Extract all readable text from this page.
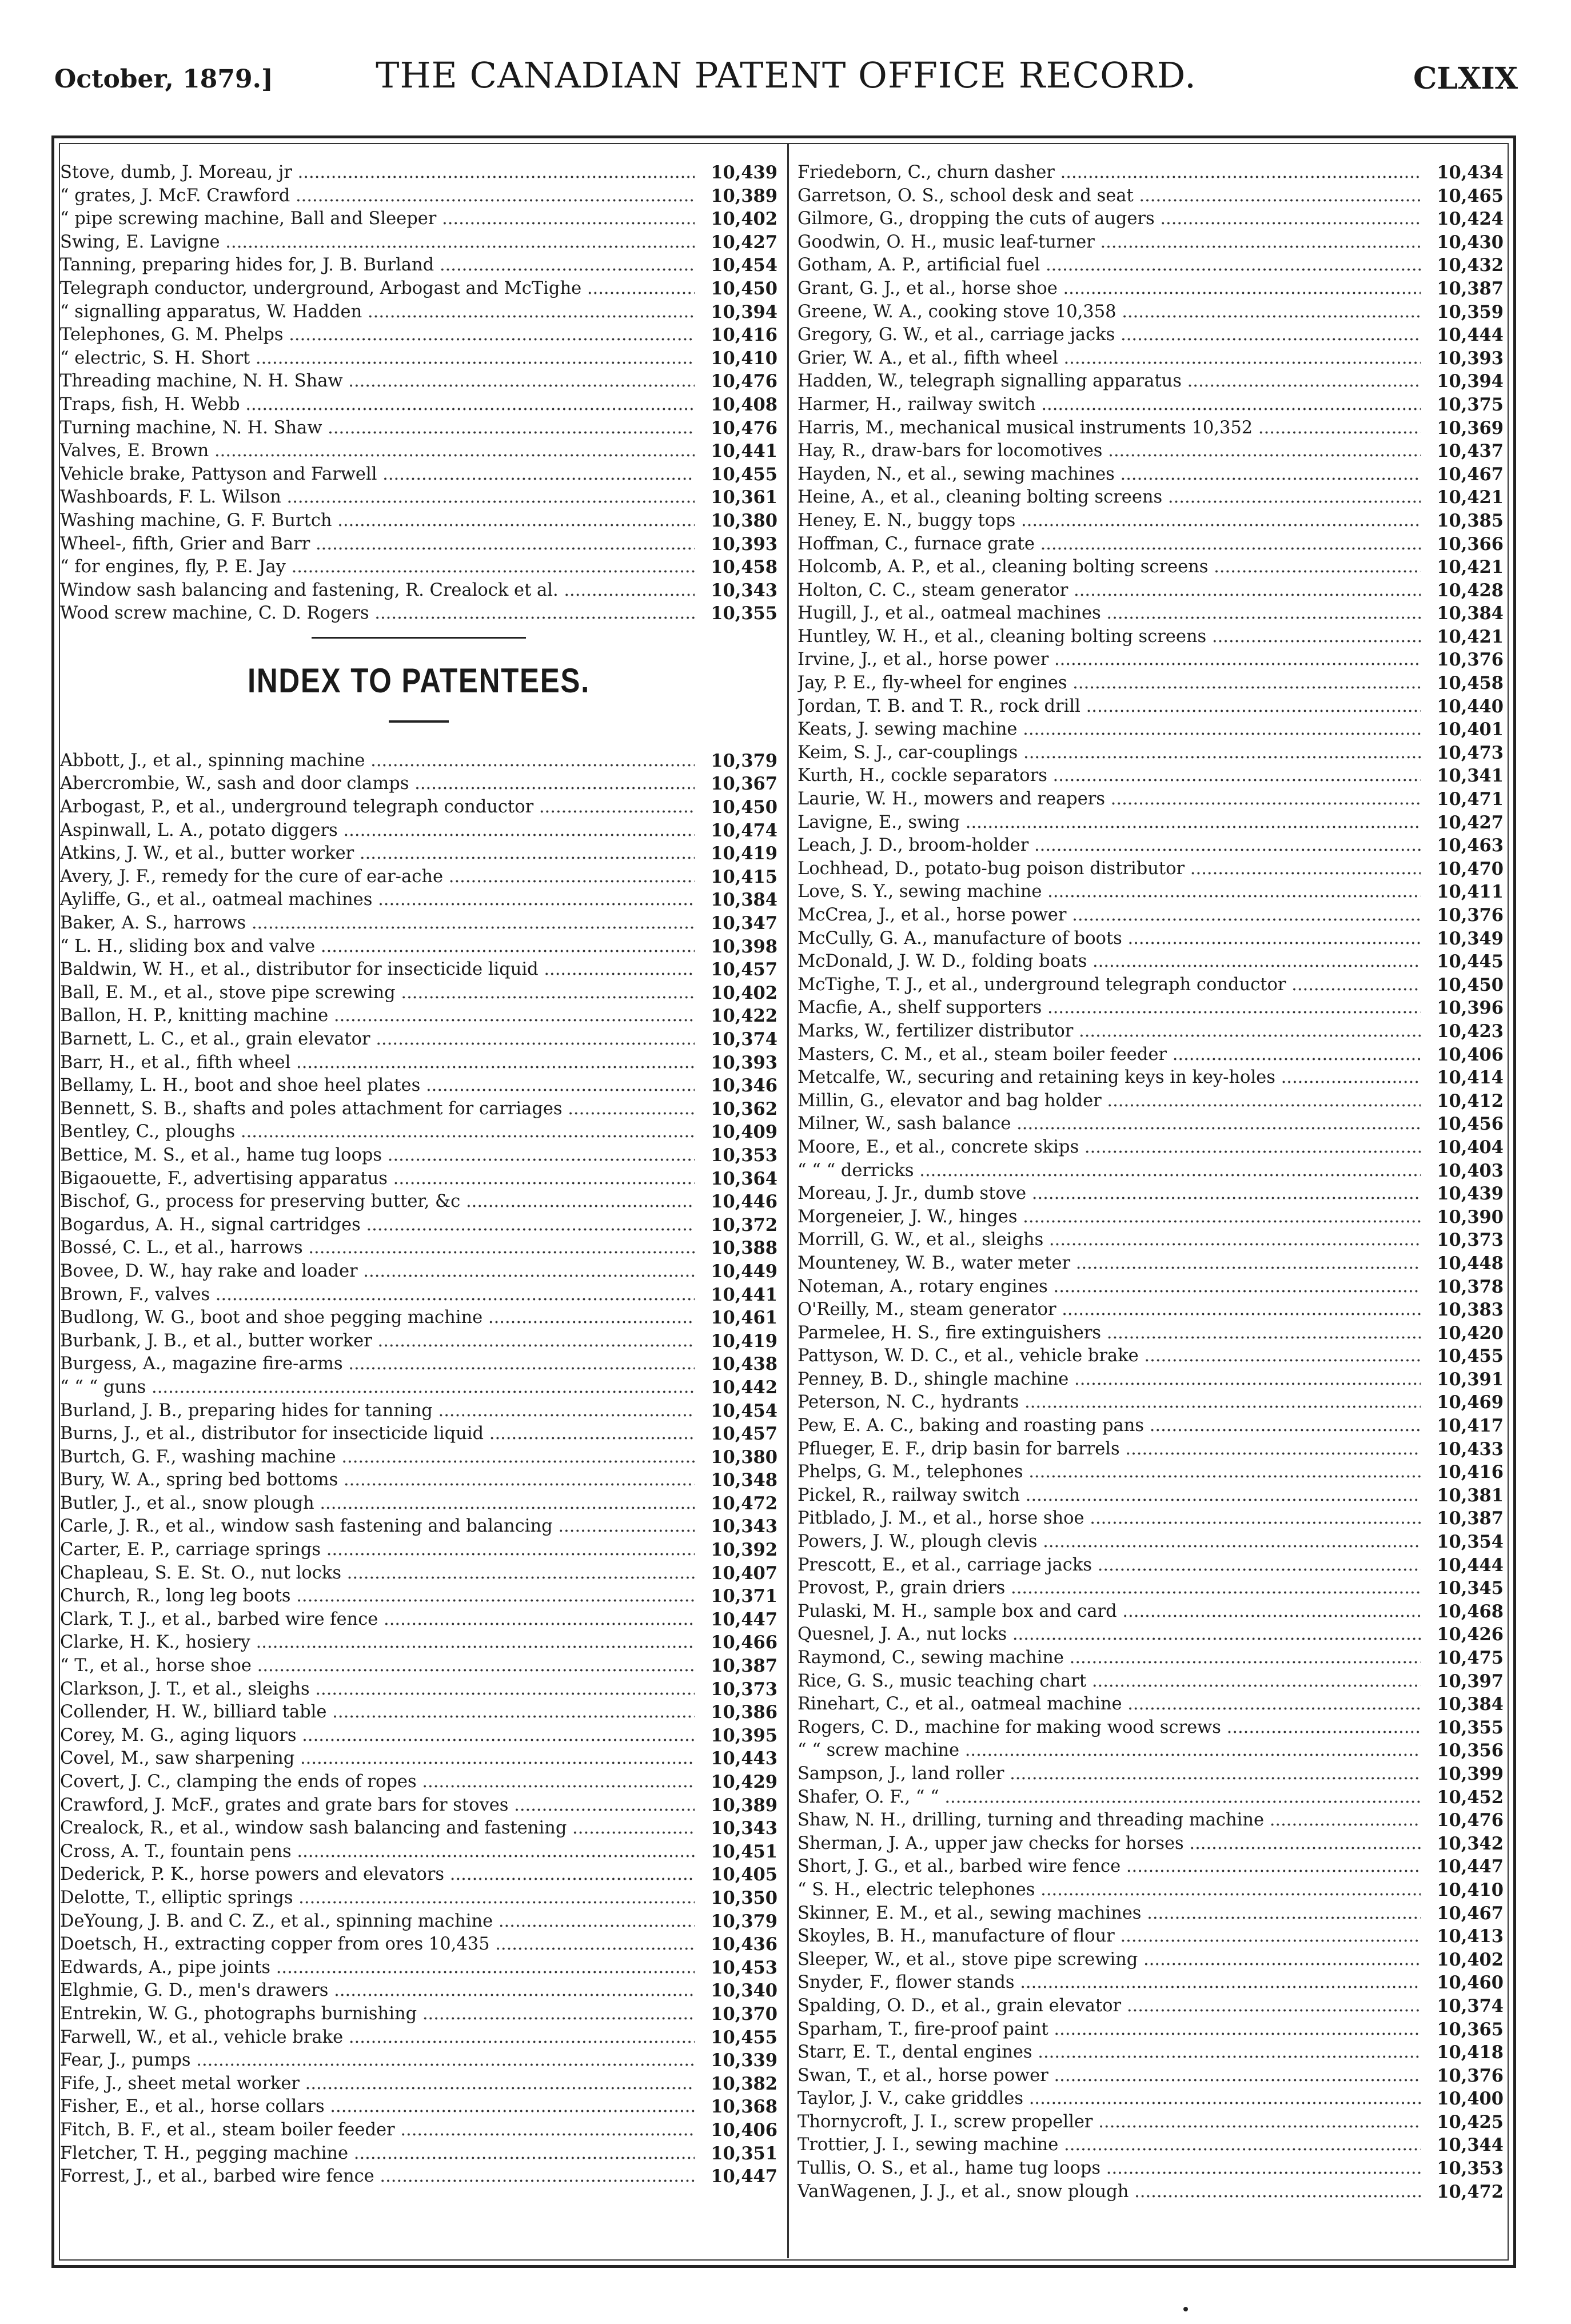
October, 1879.]	THE CANADIAN PATENT OFFICE RECORD.	CLXIX
Stove, dumb, J. Moreau, jr .....	10,439
“ grates, J. McF. Crawford .....	10,389
“ pipe screwing machine, Ball and Sleeper .....	10,402
Swing, E. Lavigne .....	10,427
Tanning, preparing hides for, J. B. Burland .....	10,454
Telegraph conductor, underground, Arbogast and McTighe .....	10,450
“ signalling apparatus, W. Hadden .....	10,394
Telephones, G. M. Phelps .....	10,416
“ electric, S. H. Short .....	10,410
Threading machine, N. H. Shaw .....	10,476
Traps, fish, H. Webb .....	10,408
Turning machine, N. H. Shaw .....	10,476
Valves, E. Brown .....	10,441
Vehicle brake, Pattyson and Farwell .....	10,455
Washboards, F. L. Wilson .....	10,361
Washing machine, G. F. Burtch .....	10,380
Wheel-, fifth, Grier and Barr .....	10,393
“ for engines, fly, P. E. Jay .....	10,458
Window sash balancing and fastening, R. Crealock et al. .....	10,343
Wood screw machine, C. D. Rogers .....	10,355
INDEX TO PATENTEES.
Abbott, J., et al., spinning machine .....	10,379
Abercrombie, W., sash and door clamps .....	10,367
Arbogast, P., et al., underground telegraph conductor .....	10,450
Aspinwall, L. A., potato diggers .....	10,474
Atkins, J. W., et al., butter worker .....	10,419
Avery, J. F., remedy for the cure of ear-ache .....	10,415
Ayliffe, G., et al., oatmeal machines .....	10,384
Baker, A. S., harrows .....	10,347
“ L. H., sliding box and valve .....	10,398
Baldwin, W. H., et al., distributor for insecticide liquid .....	10,457
Ball, E. M., et al., stove pipe screwing .....	10,402
Ballon, H. P., knitting machine .....	10,422
Barnett, L. C., et al., grain elevator .....	10,374
Barr, H., et al., fifth wheel .....	10,393
Bellamy, L. H., boot and shoe heel plates .....	10,346
Bennett, S. B., shafts and poles attachment for carriages .....	10,362
Bentley, C., ploughs .....	10,409
Bettice, M. S., et al., hame tug loops .....	10,353
Bigaouette, F., advertising apparatus .....	10,364
Bischof, G., process for preserving butter, &c .....	10,446
Bogardus, A. H., signal cartridges .....	10,372
Bossé, C. L., et al., harrows .....	10,388
Bovee, D. W., hay rake and loader .....	10,449
Brown, F., valves .....	10,441
Budlong, W. G., boot and shoe pegging machine .....	10,461
Burbank, J. B., et al., butter worker .....	10,419
Burgess, A., magazine fire-arms .....	10,438
“ “ “ guns .....	10,442
Burland, J. B., preparing hides for tanning .....	10,454
Burns, J., et al., distributor for insecticide liquid .....	10,457
Burtch, G. F., washing machine .....	10,380
Bury, W. A., spring bed bottoms .....	10,348
Butler, J., et al., snow plough .....	10,472
Carle, J. R., et al., window sash fastening and balancing .....	10,343
Carter, E. P., carriage springs .....	10,392
Chapleau, S. E. St. O., nut locks .....	10,407
Church, R., long leg boots .....	10,371
Clark, T. J., et al., barbed wire fence .....	10,447
Clarke, H. K., hosiery .....	10,466
“ T., et al., horse shoe .....	10,387
Clarkson, J. T., et al., sleighs .....	10,373
Collender, H. W., billiard table .....	10,386
Corey, M. G., aging liquors .....	10,395
Covel, M., saw sharpening .....	10,443
Covert, J. C., clamping the ends of ropes .....	10,429
Crawford, J. McF., grates and grate bars for stoves .....	10,389
Crealock, R., et al., window sash balancing and fastening .....	10,343
Cross, A. T., fountain pens .....	10,451
Dederick, P. K., horse powers and elevators .....	10,405
Delotte, T., elliptic springs .....	10,350
DeYoung, J. B. and C. Z., et al., spinning machine .....	10,379
Doetsch, H., extracting copper from ores 10,435 .....	10,436
Edwards, A., pipe joints .....	10,453
Elghmie, G. D., men's drawers .....	10,340
Entrekin, W. G., photographs burnishing .....	10,370
Farwell, W., et al., vehicle brake .....	10,455
Fear, J., pumps .....	10,339
Fife, J., sheet metal worker .....	10,382
Fisher, E., et al., horse collars .....	10,368
Fitch, B. F., et al., steam boiler feeder .....	10,406
Fletcher, T. H., pegging machine .....	10,351
Forrest, J., et al., barbed wire fence .....	10,447
Friedeborn, C., churn dasher .....	10,434
Garretson, O. S., school desk and seat .....	10,465
Gilmore, G., dropping the cuts of augers .....	10,424
Goodwin, O. H., music leaf-turner .....	10,430
Gotham, A. P., artificial fuel .....	10,432
Grant, G. J., et al., horse shoe .....	10,387
Greene, W. A., cooking stove 10,358 .....	10,359
Gregory, G. W., et al., carriage jacks .....	10,444
Grier, W. A., et al., fifth wheel .....	10,393
Hadden, W., telegraph signalling apparatus .....	10,394
Harmer, H., railway switch .....	10,375
Harris, M., mechanical musical instruments 10,352 .....	10,369
Hay, R., draw-bars for locomotives .....	10,437
Hayden, N., et al., sewing machines .....	10,467
Heine, A., et al., cleaning bolting screens .....	10,421
Heney, E. N., buggy tops .....	10,385
Hoffman, C., furnace grate .....	10,366
Holcomb, A. P., et al., cleaning bolting screens .....	10,421
Holton, C. C., steam generator .....	10,428
Hugill, J., et al., oatmeal machines .....	10,384
Huntley, W. H., et al., cleaning bolting screens .....	10,421
Irvine, J., et al., horse power .....	10,376
Jay, P. E., fly-wheel for engines .....	10,458
Jordan, T. B. and T. R., rock drill .....	10,440
Keats, J. sewing machine .....	10,401
Keim, S. J., car-couplings .....	10,473
Kurth, H., cockle separators .....	10,341
Laurie, W. H., mowers and reapers .....	10,471
Lavigne, E., swing .....	10,427
Leach, J. D., broom-holder .....	10,463
Lochhead, D., potato-bug poison distributor .....	10,470
Love, S. Y., sewing machine .....	10,411
McCrea, J., et al., horse power .....	10,376
McCully, G. A., manufacture of boots .....	10,349
McDonald, J. W. D., folding boats .....	10,445
McTighe, T. J., et al., underground telegraph conductor .....	10,450
Macfie, A., shelf supporters .....	10,396
Marks, W., fertilizer distributor .....	10,423
Masters, C. M., et al., steam boiler feeder .....	10,406
Metcalfe, W., securing and retaining keys in key-holes .....	10,414
Millin, G., elevator and bag holder .....	10,412
Milner, W., sash balance .....	10,456
Moore, E., et al., concrete skips .....	10,404
“ “ “ derricks .....	10,403
Moreau, J. Jr., dumb stove .....	10,439
Morgeneier, J. W., hinges .....	10,390
Morrill, G. W., et al., sleighs .....	10,373
Mounteney, W. B., water meter .....	10,448
Noteman, A., rotary engines .....	10,378
O'Reilly, M., steam generator .....	10,383
Parmelee, H. S., fire extinguishers .....	10,420
Pattyson, W. D. C., et al., vehicle brake .....	10,455
Penney, B. D., shingle machine .....	10,391
Peterson, N. C., hydrants .....	10,469
Pew, E. A. C., baking and roasting pans .....	10,417
Pflueger, E. F., drip basin for barrels .....	10,433
Phelps, G. M., telephones .....	10,416
Pickel, R., railway switch .....	10,381
Pitblado, J. M., et al., horse shoe .....	10,387
Powers, J. W., plough clevis .....	10,354
Prescott, E., et al., carriage jacks .....	10,444
Provost, P., grain driers .....	10,345
Pulaski, M. H., sample box and card .....	10,468
Quesnel, J. A., nut locks .....	10,426
Raymond, C., sewing machine .....	10,475
Rice, G. S., music teaching chart .....	10,397
Rinehart, C., et al., oatmeal machine .....	10,384
Rogers, C. D., machine for making wood screws .....	10,355
“ “ screw machine .....	10,356
Sampson, J., land roller .....	10,399
Shafer, O. F., “ “ .....	10,452
Shaw, N. H., drilling, turning and threading machine .....	10,476
Sherman, J. A., upper jaw checks for horses .....	10,342
Short, J. G., et al., barbed wire fence .....	10,447
“ S. H., electric telephones .....	10,410
Skinner, E. M., et al., sewing machines .....	10,467
Skoyles, B. H., manufacture of flour .....	10,413
Sleeper, W., et al., stove pipe screwing .....	10,402
Snyder, F., flower stands .....	10,460
Spalding, O. D., et al., grain elevator .....	10,374
Sparham, T., fire-proof paint .....	10,365
Starr, E. T., dental engines .....	10,418
Swan, T., et al., horse power .....	10,376
Taylor, J. V., cake griddles .....	10,400
Thornycroft, J. I., screw propeller .....	10,425
Trottier, J. I., sewing machine .....	10,344
Tullis, O. S., et al., hame tug loops .....	10,353
VanWagenen, J. J., et al., snow plough .....	10,472
